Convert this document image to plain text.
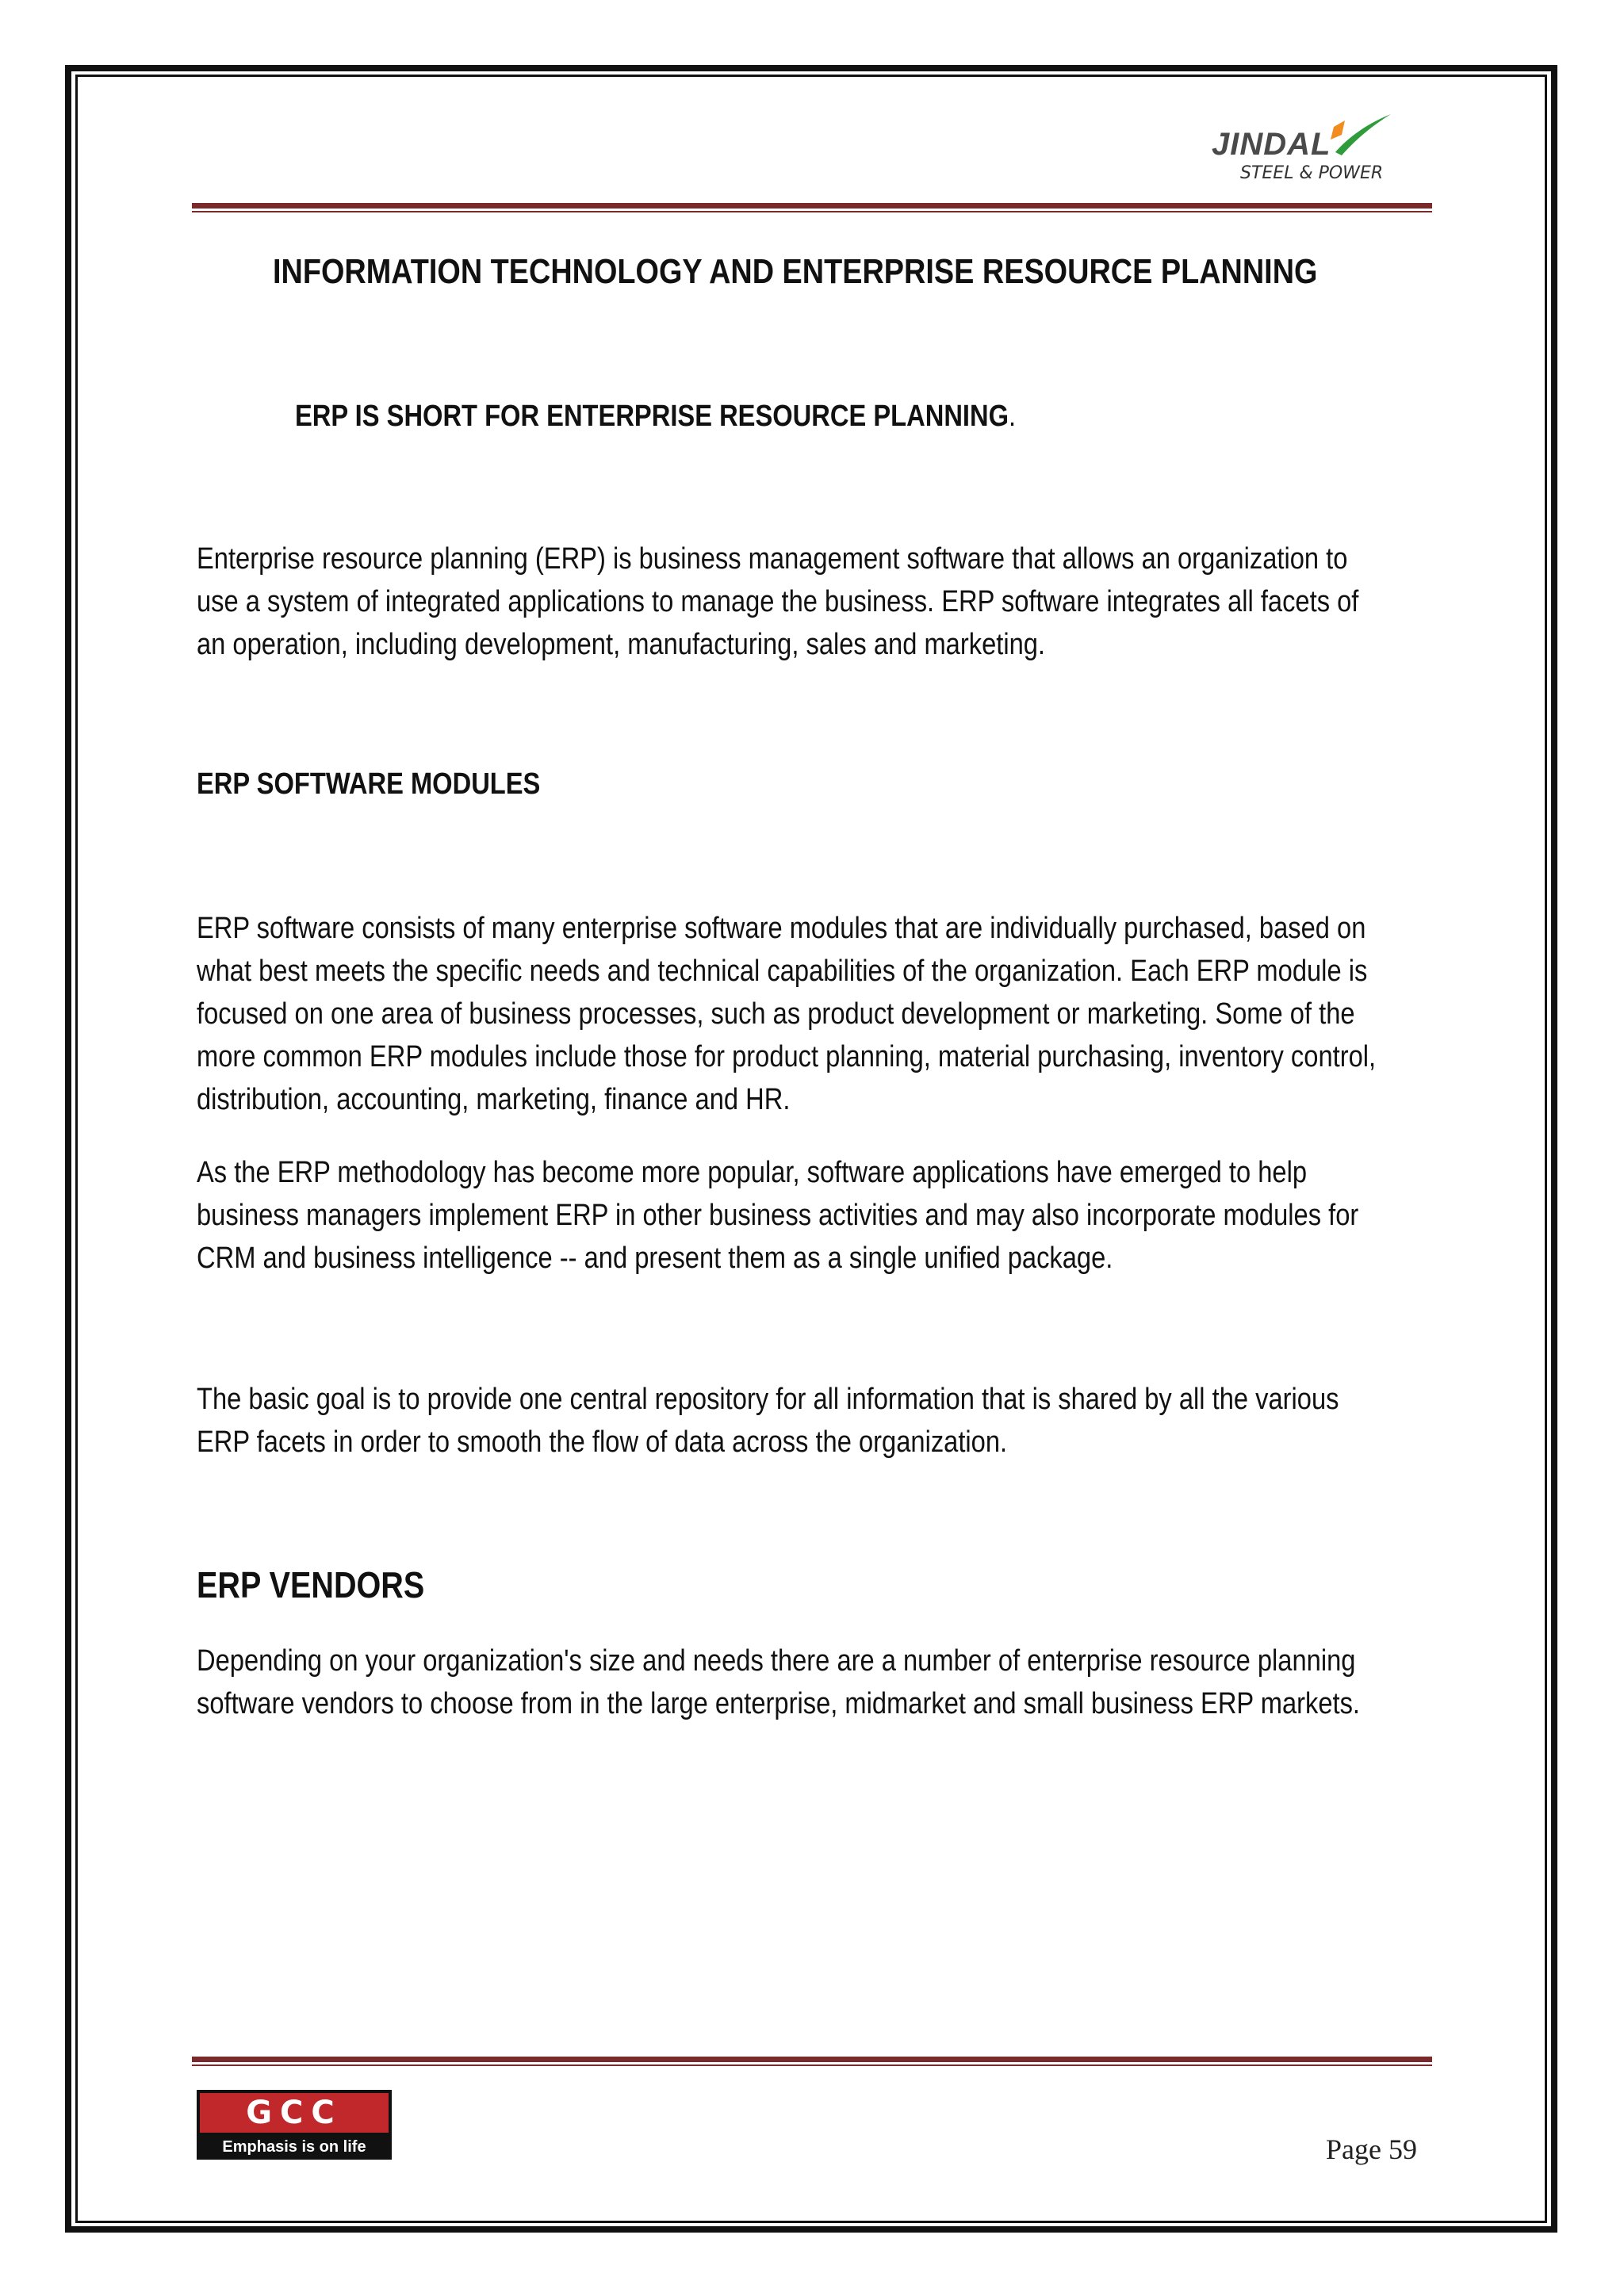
JINDAL
STEEL & POWER
INFORMATION TECHNOLOGY AND ENTERPRISE RESOURCE PLANNING
ERP IS SHORT FOR ENTERPRISE RESOURCE PLANNING.
Enterprise resource planning (ERP) is business management software that allows an organization to
use a system of integrated applications to manage the business. ERP software integrates all facets of
an operation, including development, manufacturing, sales and marketing.
ERP SOFTWARE MODULES
ERP software consists of many enterprise software modules that are individually purchased, based on
what best meets the specific needs and technical capabilities of the organization. Each ERP module is
focused on one area of business processes, such as product development or marketing. Some of the
more common ERP modules include those for product planning, material purchasing, inventory control,
distribution, accounting, marketing, finance and HR.
As the ERP methodology has become more popular, software applications have emerged to help
business managers implement ERP in other business activities and may also incorporate modules for
CRM and business intelligence -- and present them as a single unified package.
The basic goal is to provide one central repository for all information that is shared by all the various
ERP facets in order to smooth the flow of data across the organization.
ERP VENDORS
Depending on your organization's size and needs there are a number of enterprise resource planning
software vendors to choose from in the large enterprise, midmarket and small business ERP markets.
GCC
Emphasis is on life	Page 59
